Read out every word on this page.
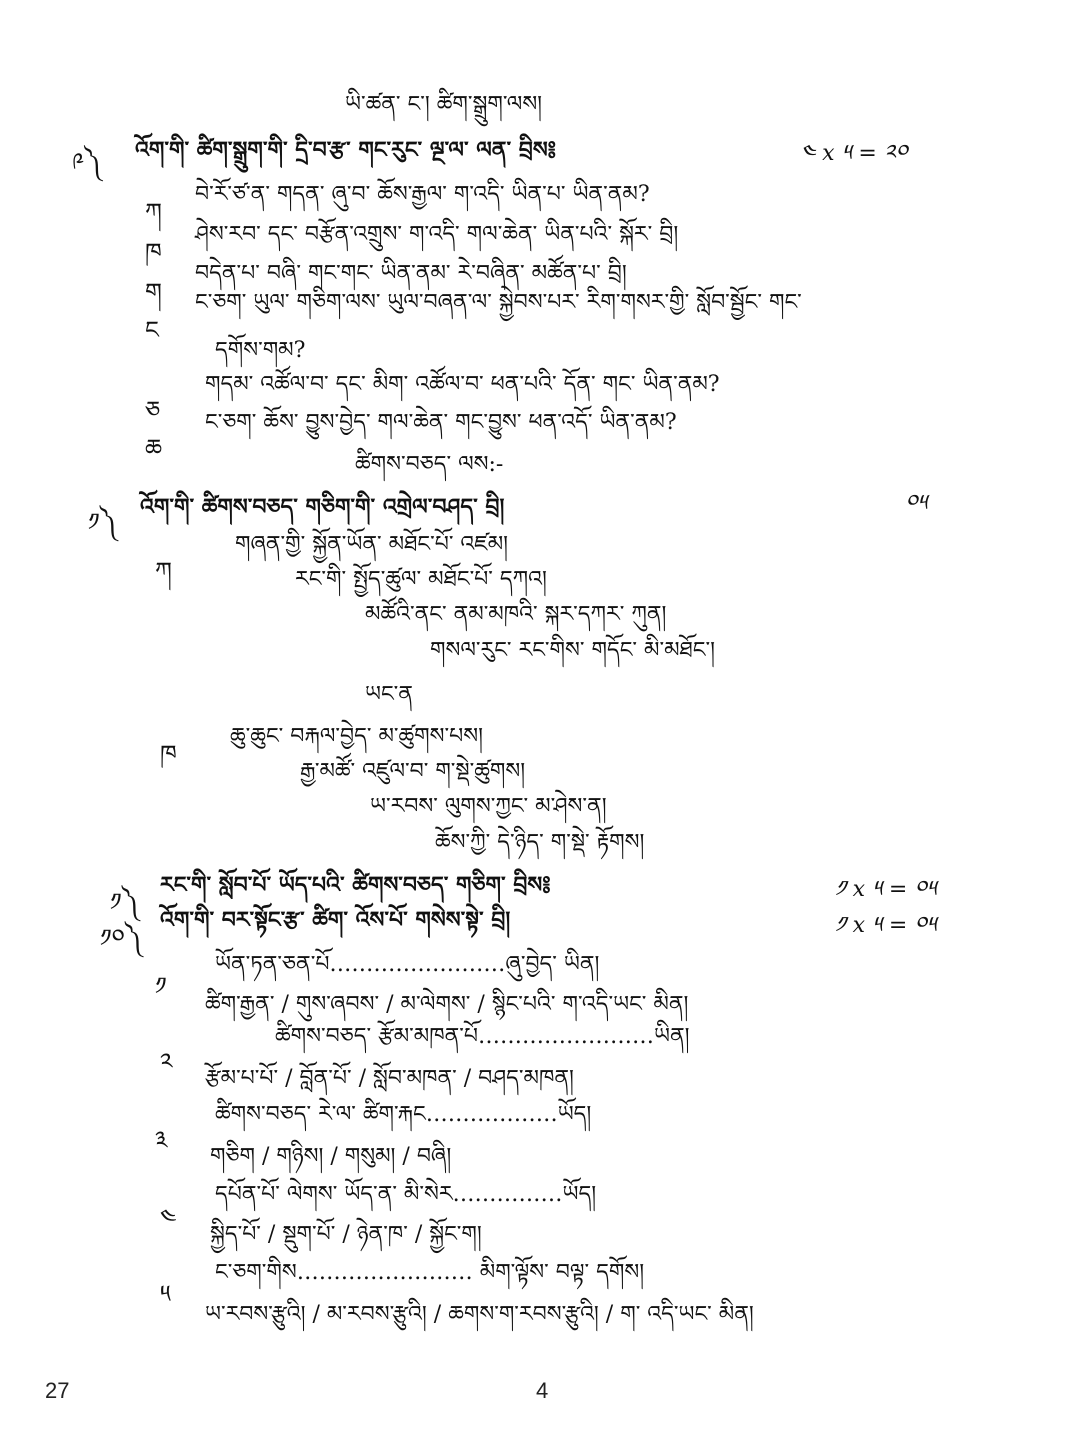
ཡི་ཚན་ ང༌། ཚིག་སྒྲུག་ལས།
༩༽ འོག་གི་ ཚིག་སྒྲུག་གི་ དྲི་བ་རྩ་ གང་རུང་ ལྔ་ལ་ ལན་ བྲིས༔	༤ x ༥ = ༢༠
ཀ
བེ་རོ་ཙ་ན་ གདན་ ཞུ་བ་ ཆོས་རྒྱལ་ ག་འདི་ ཡིན་པ་ ཡིན་ནམ?
ཁ
ཤེས་རབ་ དང་ བརྩོན་འགྲུས་ ག་འདི་ གལ་ཆེན་ ཡིན་པའི་ སྐོར་ བྲི།
ག
བདེན་པ་ བཞི་ གང་གང་ ཡིན་ནམ་ རེ་བཞིན་ མཚོན་པ་ བྲི།
ང
ང་ཅག་ ཡུལ་ གཅིག་ལས་ ཡུལ་བཞན་ལ་ སྐྱེབས་པར་ རིག་གསར་གྱི་ སློབ་སྦྱོང་ གང་
དགོས་གམ?
ཅ
གདམ་ འཚོལ་བ་ དང་ མིག་ འཚོལ་བ་ ཕན་པའི་ དོན་ གང་ ཡིན་ནམ?
ཆ
ང་ཅག་ ཆོས་ བྱུས་བྱེད་ གལ་ཆེན་ གང་བྱུས་ ཕན་འདོ་ ཡིན་ནམ?
ཚིགས་བཅད་ ལས:-
༡༽
འོག་གི་ ཚིགས་བཅད་ གཅིག་གི་ འགྲེལ་བཤད་ བྲི།	༠༥
ཀ
གཞན་གྱི་ སྐྱོན་ཡོན་ མཐོང་པོ་ འཛམ།
རང་གི་ སྤྱོད་ཚུལ་ མཐོང་པོ་ དཀའ།
མཚོའི་ནང་ ནམ་མཁའི་ སྐར་དཀར་ ཀུན།
གསལ་རུང་ རང་གིས་ གདོང་ མི་མཐོང་།
ཡང་ན
ཁ
ཆུ་ཆུང་ བརྐལ་བྱེད་ མ་ཚུགས་པས།
རྒྱ་མཚོ་ འཛུལ་བ་ ག་སྡེ་ཚུགས།
ཡ་རབས་ ལུགས་ཀྱང་ མ་ཤེས་ན།
ཆོས་ཀྱི་ དེ་ཉིད་ ག་སྡེ་ རྟོགས།
༡༽
རང་གི་ སློབ་པོ་ ཡོད་པའི་ ཚིགས་བཅད་ གཅིག་ བྲིས༔	༡ x ༥ = ༠༥
༡༠༽
འོག་གི་ བར་སྟོང་རྩ་ ཚིག་ འོས་པོ་ གསེས་སྟེ་ བྲི།	༡ x ༥ = ༠༥
༡
ཡོན་ཏན་ཅན་པོ……………………ཞུ་བྱེད་ ཡིན།
ཚིག་རྒྱན་ / གུས་ཞབས་ / མ་ལེགས་ / སྙིང་པའི་ ག་འདི་ཡང་ མིན།
༢
ཚིགས་བཅད་ རྩོམ་མཁན་པོ……………………ཡིན།
རྩོམ་པ་པོ་ / བློན་པོ་ / སློབ་མཁན་ / བཤད་མཁན།
༣
ཚིགས་བཅད་ རེ་ལ་ ཚིག་རྐང………………ཡོད།
གཅིག / གཉིས། / གསུམ། / བཞི།
༤
དཔོན་པོ་ ལེགས་ ཡོད་ན་ མི་སེར……………ཡོད།
སྐྱིད་པོ་ / སྡུག་པོ་ / ཉེན་ཁ་ / སྐྱོང་ག།
༥
ང་ཅག་གིས…………………… མིག་ལྟོས་ བལྟ་ དགོས།
ཡ་རབས་རྩུའི། / མ་རབས་རྩུའི། / ཆགས་ག་རབས་རྩུའི། / ག་ འདི་ཡང་ མིན།
27	4
